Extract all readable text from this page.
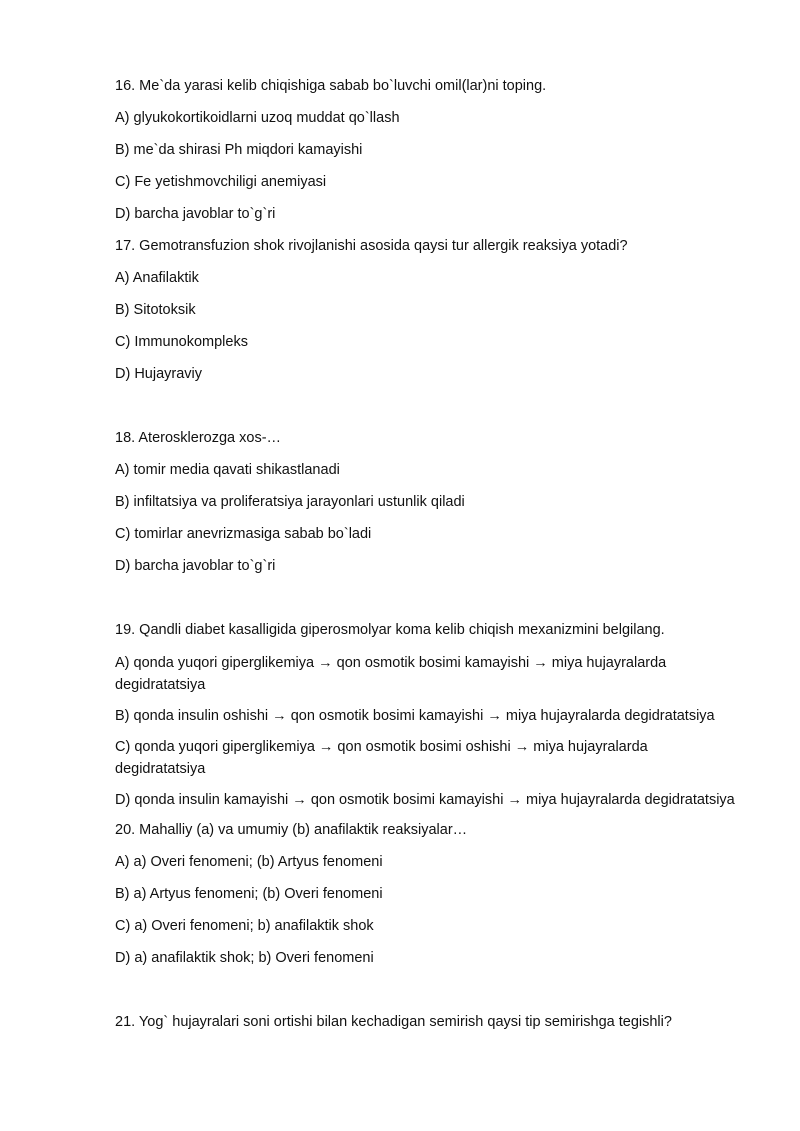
16. Me`da yarasi kelib chiqishiga sabab bo`luvchi omil(lar)ni toping.

A) glyukokortikoidlarni uzoq muddat qo`llash

B) me`da shirasi Ph miqdori kamayishi

C) Fe yetishmovchiligi anemiyasi

D) barcha javoblar to`g`ri

17. Gemotransfuzion shok rivojlanishi asosida qaysi tur allergik reaksiya yotadi?

A) Anafilaktik

B) Sitotoksik

C) Immunokompleks

D) Hujayraviy

18. Aterosklerozga xos-…

A) tomir media qavati shikastlanadi

B) infiltatsiya va proliferatsiya jarayonlari ustunlik qiladi

C) tomirlar anevrizmasiga sabab bo`ladi

D) barcha javoblar to`g`ri

19. Qandli diabet kasalligida giperosmolyar koma kelib chiqish mexanizmini belgilang.

A) qonda yuqori giperglikemiya → qon osmotik bosimi kamayishi → miya hujayralarda degidratatsiya

B) qonda insulin oshishi → qon osmotik bosimi kamayishi → miya hujayralarda degidratatsiya

C) qonda yuqori giperglikemiya → qon osmotik bosimi oshishi → miya hujayralarda degidratatsiya

D) qonda insulin kamayishi → qon osmotik bosimi kamayishi → miya hujayralarda degidratatsiya

20. Mahalliy (a) va umumiy (b) anafilaktik reaksiyalar…

A) a) Overi fenomeni; (b) Artyus fenomeni

B) a) Artyus fenomeni; (b) Overi fenomeni

C) a) Overi fenomeni; b) anafilaktik shok

D) a) anafilaktik shok; b) Overi fenomeni

21. Yog` hujayralari soni ortishi bilan kechadigan semirish qaysi tip semirishga tegishli?
